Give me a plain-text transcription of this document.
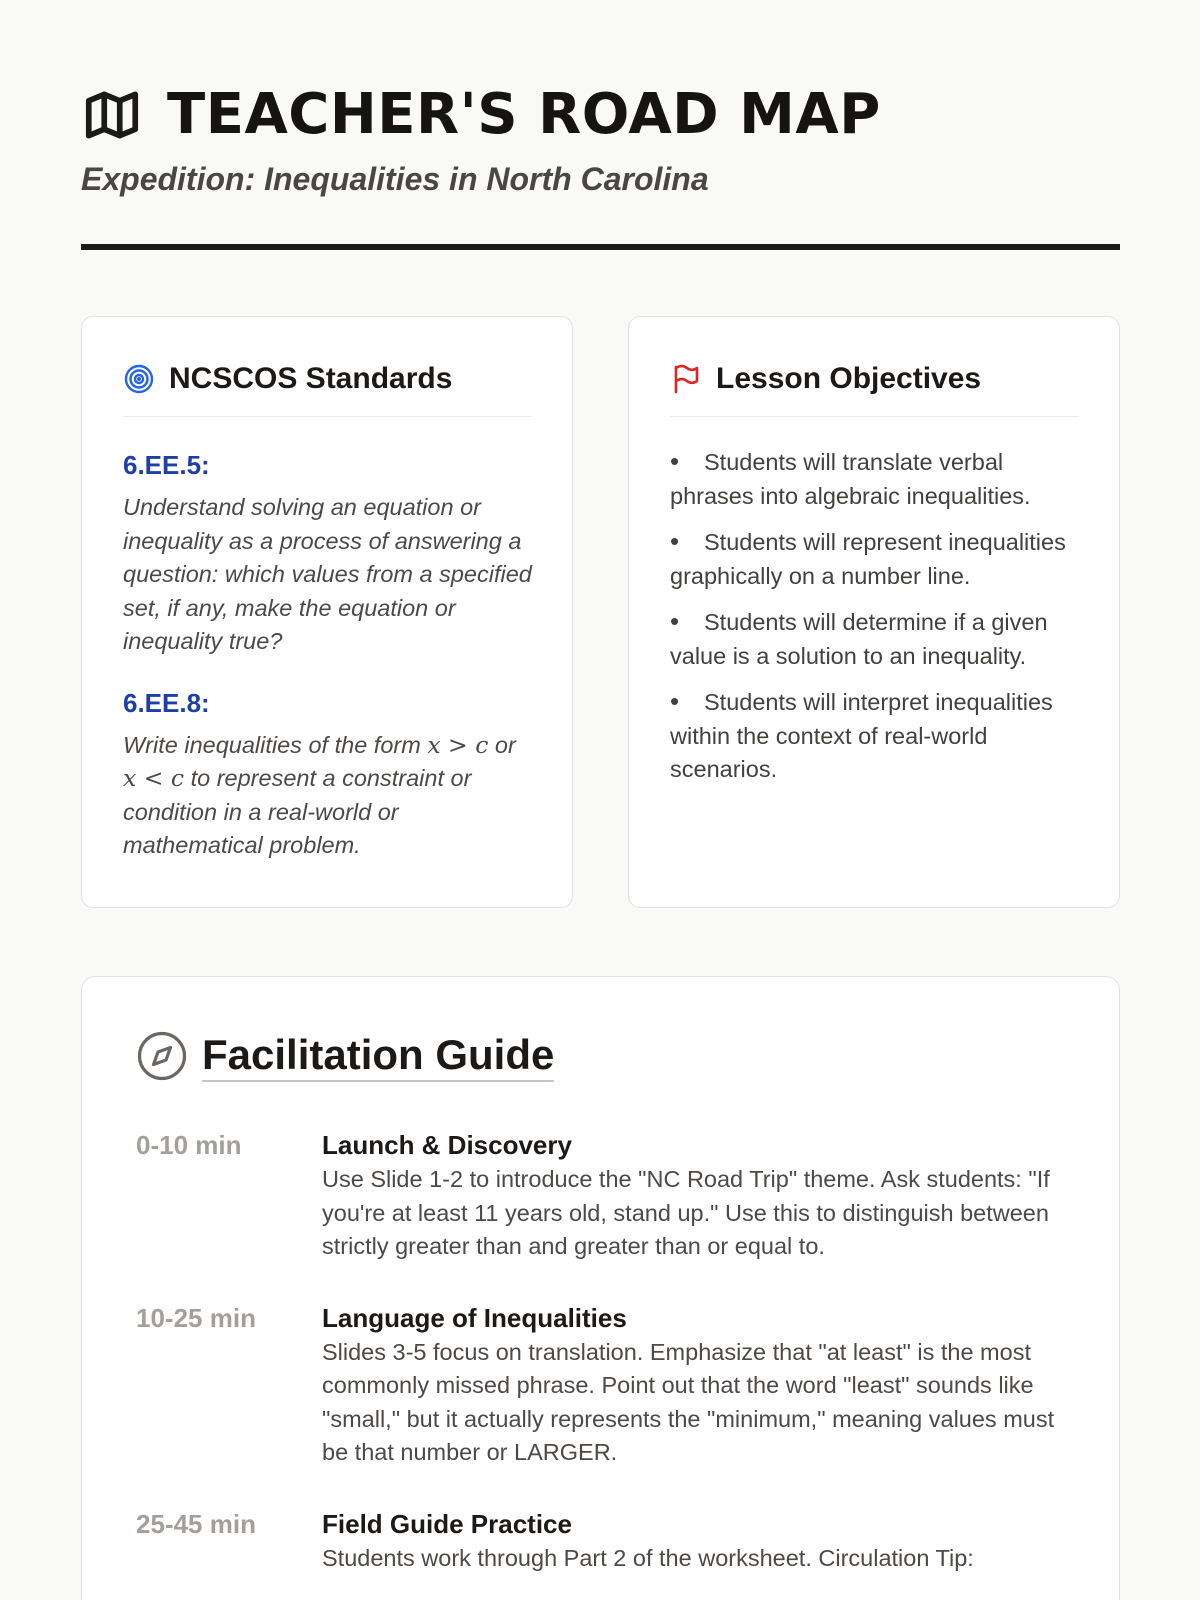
TEACHER'S ROAD MAP
Expedition: Inequalities in North Carolina
NCSCOS Standards
6.EE.5:
Understand solving an equation or inequality as a process of answering a question: which values from a specified set, if any, make the equation or inequality true?
6.EE.8:
Write inequalities of the form x > c or x < c to represent a constraint or condition in a real-world or mathematical problem.
Lesson Objectives
• Students will translate verbal phrases into algebraic inequalities.
• Students will represent inequalities graphically on a number line.
• Students will determine if a given value is a solution to an inequality.
• Students will interpret inequalities within the context of real-world scenarios.
Facilitation Guide
0-10 min	Launch & Discovery
Use Slide 1-2 to introduce the "NC Road Trip" theme. Ask students: "If you're at least 11 years old, stand up." Use this to distinguish between strictly greater than and greater than or equal to.
10-25 min	Language of Inequalities
Slides 3-5 focus on translation. Emphasize that "at least" is the most commonly missed phrase. Point out that the word "least" sounds like "small," but it actually represents the "minimum," meaning values must be that number or LARGER.
25-45 min	Field Guide Practice
Students work through Part 2 of the worksheet. Circulation Tip:
